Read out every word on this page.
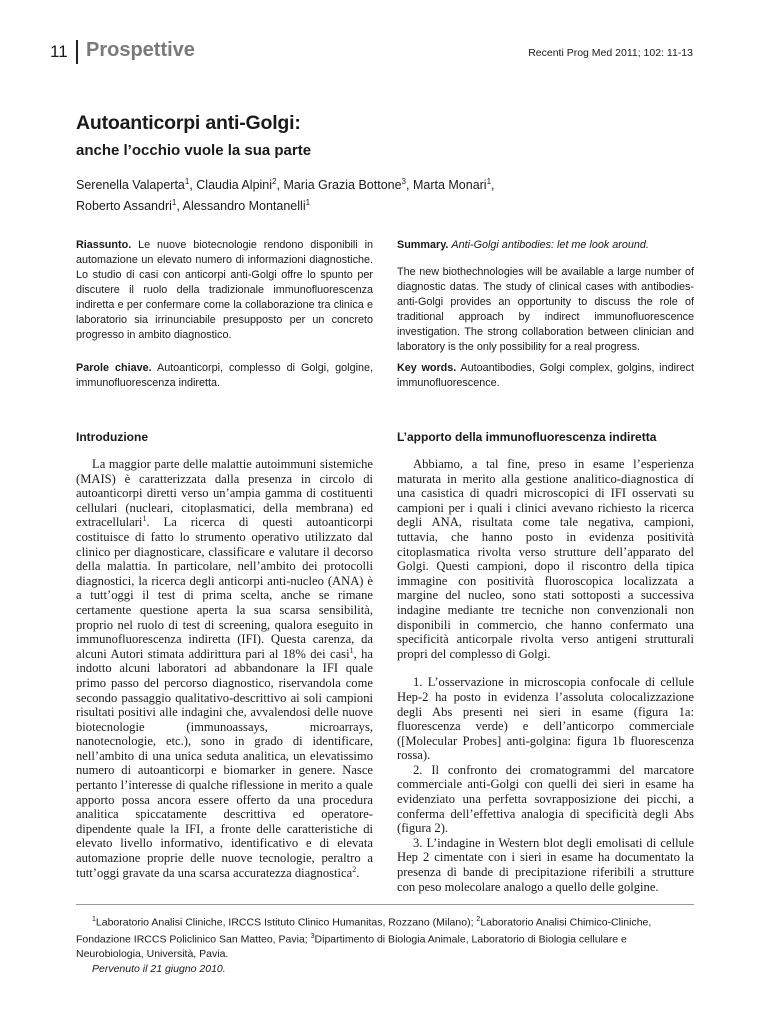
11 Prospettive	Recenti Prog Med 2011; 102: 11-13
Autoanticorpi anti-Golgi:
anche l’occhio vuole la sua parte
Serenella Valaperta$^1$, Claudia Alpini$^2$, Maria Grazia Bottone$^3$, Marta Monari$^1$,
Roberto Assandri$^1$, Alessandro Montanelli$^1$
Riassunto. Le nuove biotecnologie rendono disponibili in automazione un elevato numero di informazioni diagnostiche. Lo studio di casi con anticorpi anti-Golgi offre lo spunto per discutere il ruolo della tradizionale immunofluorescenza indiretta e per confermare come la collaborazione tra clinica e laboratorio sia irrinunciabile presupposto per un concreto progresso in ambito diagnostico.
Parole chiave. Autoanticorpi, complesso di Golgi, golgine, immunofluorescenza indiretta.
Summary. Anti-Golgi antibodies: let me look around.
The new biothechnologies will be available a large number of diagnostic datas. The study of clinical cases with antibodies-anti-Golgi provides an opportunity to discuss the role of traditional approach by indirect immunofluorescence investigation. The strong collaboration between clinician and laboratory is the only possibility for a real progress.
Key words. Autoantibodies, Golgi complex, golgins, indirect immunofluorescence.
Introduzione	L’apporto della immunofluorescenza indiretta

La maggior parte delle malattie autoimmuni sistemiche (MAIS) è caratterizzata dalla presenza in circolo di autoanticorpi diretti verso un’ampia gamma di costituenti cellulari (nucleari, citoplasmatici, della membrana) ed extracellulari$^1$. La ricerca di questi autoanticorpi costituisce di fatto lo strumento operativo utilizzato dal clinico per diagnosticare, classificare e valutare il decorso della malattia. In particolare, nell’ambito dei protocolli diagnostici, la ricerca degli anticorpi anti-nucleo (ANA) è a tutt’oggi il test di prima scelta, anche se rimane certamente questione aperta la sua scarsa sensibilità, proprio nel ruolo di test di screening, qualora eseguito in immunofluorescenza indiretta (IFI). Questa carenza, da alcuni Autori stimata addirittura pari al 18% dei casi$^1$, ha indotto alcuni laboratori ad abbandonare la IFI quale primo passo del percorso diagnostico, riservandola come secondo passaggio qualitativo-descrittivo ai soli campioni risultati positivi alle indagini che, avvalendosi delle nuove biotecnologie (immunoassays, microarrays, nanotecnologie, etc.), sono in grado di identificare, nell’ambito di una unica seduta analitica, un elevatissimo numero di autoanticorpi e biomarker in genere. Nasce pertanto l’interesse di qualche riflessione in merito a quale apporto possa ancora essere offerto da una procedura analitica spiccatamente descrittiva ed operatore-dipendente quale la IFI, a fronte delle caratteristiche di elevato livello informativo, identificativo e di elevata automazione proprie delle nuove tecnologie, peraltro a tutt’oggi gravate da una scarsa accuratezza diagnostica$^2$.

Abbiamo, a tal fine, preso in esame l’esperienza maturata in merito alla gestione analitico-diagnostica di una casistica di quadri microscopici di IFI osservati su campioni per i quali i clinici avevano richiesto la ricerca degli ANA, risultata come tale negativa, campioni, tuttavia, che hanno posto in evidenza positività citoplasmatica rivolta verso strutture dell’apparato del Golgi. Questi campioni, dopo il riscontro della tipica immagine con positività fluoroscopica localizzata a margine del nucleo, sono stati sottoposti a successiva indagine mediante tre tecniche non convenzionali non disponibili in commercio, che hanno confermato una specificità anticorpale rivolta verso antigeni strutturali propri del complesso di Golgi.

1. L’osservazione in microscopia confocale di cellule Hep-2 ha posto in evidenza l’assoluta colocalizzazione degli Abs presenti nei sieri in esame (figura 1a: fluorescenza verde) e dell’anticorpo commerciale ([Molecular Probes] anti-golgina: figura 1b fluorescenza rossa).

2. Il confronto dei cromatogrammi del marcatore commerciale anti-Golgi con quelli dei sieri in esame ha evidenziato una perfetta sovrapposizione dei picchi, a conferma dell’effettiva analogia di specificità degli Abs (figura 2).

3. L’indagine in Western blot degli emolisati di cellule Hep 2 cimentate con i sieri in esame ha documentato la presenza di bande di precipitazione riferibili a strutture con peso molecolare analogo a quello delle golgine.

$^1$Laboratorio Analisi Cliniche, IRCCS Istituto Clinico Humanitas, Rozzano (Milano); $^2$Laboratorio Analisi Chimico-Cliniche, Fondazione IRCCS Policlinico San Matteo, Pavia; $^3$Dipartimento di Biologia Animale, Laboratorio di Biologia cellulare e Neurobiologia, Università, Pavia.
Pervenuto il 21 giugno 2010.
